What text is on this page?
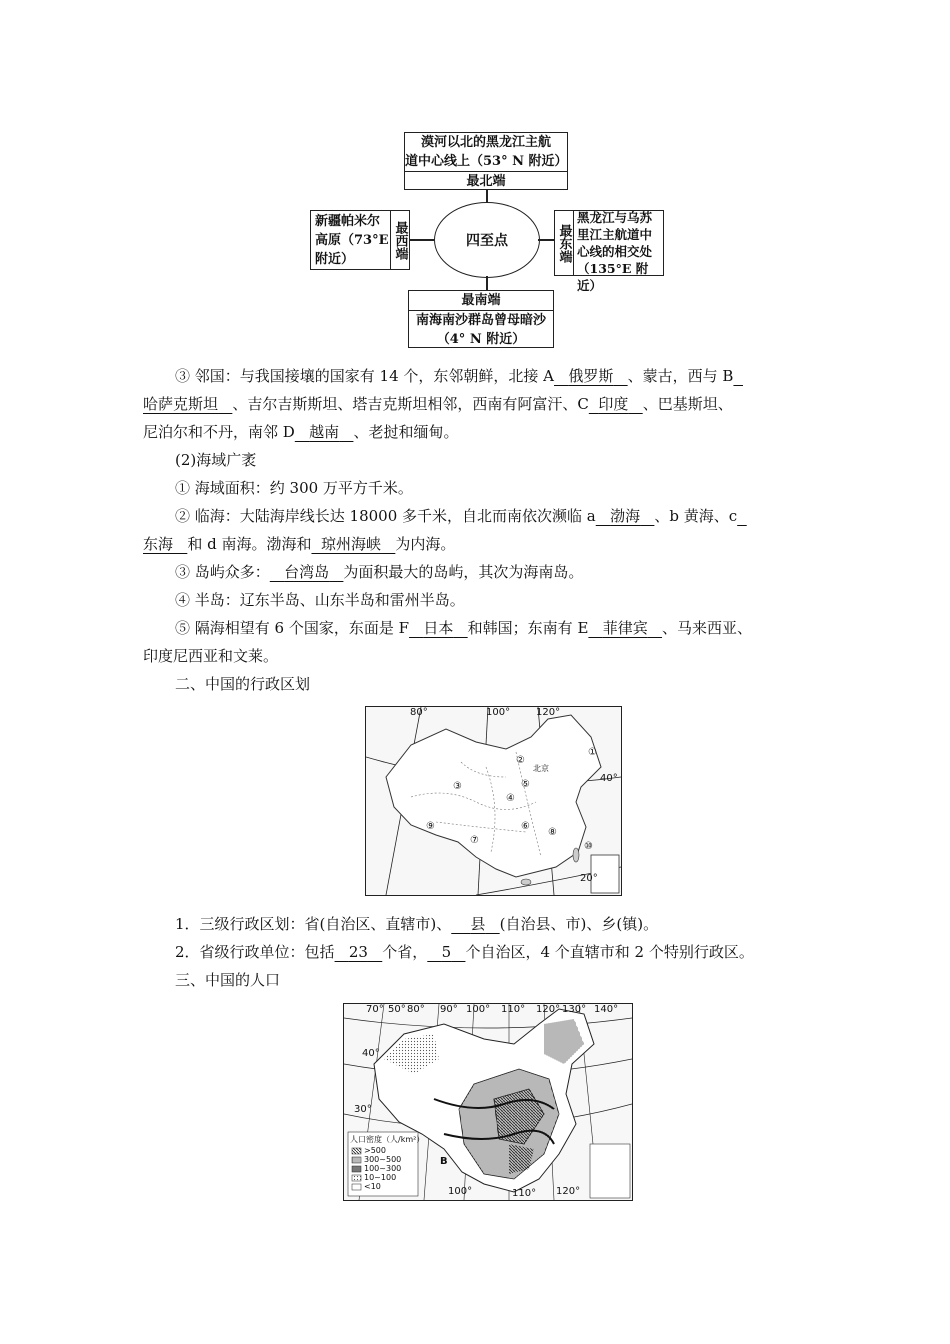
漠河以北的黑龙江主航
道中心线上（53° N 附近）
最北端
新疆帕米尔
高原（73°E
附近）	最西端	四至点	最东端
黑龙江与乌苏
里江主航道中
心线的相交处
（135°E 附近）
最南端
南海南沙群岛曾母暗沙
（4° N 附近）
③ 邻国：与我国接壤的国家有 14 个，东邻朝鲜，北接 A 俄罗斯 、蒙古，西与 B
哈萨克斯坦 、吉尔吉斯斯坦、塔吉克斯坦相邻，西南有阿富汗、C 印度 、巴基斯坦、
尼泊尔和不丹，南邻 D 越南 、老挝和缅甸。
(2)海域广袤
① 海域面积：约 300 万平方千米。
② 临海：大陆海岸线长达 18000 多千米，自北而南依次濒临 a 渤海 、b 黄海、c
东海 和 d 南海。渤海和 琼州海峡 为内海。
③ 岛屿众多： 台湾岛 为面积最大的岛屿，其次为海南岛。
④ 半岛：辽东半岛、山东半岛和雷州半岛。
⑤ 隔海相望有 6 个国家，东面是 F 日本 和韩国；东南有 E 菲律宾 、马来西亚、
印度尼西亚和文莱。
二、中国的行政区划
80°	100°	120°
40°
20°
北京
①
②
③
④
⑤
⑥
⑦
⑧
⑨
⑩
1．三级行政区划：省(自治区、直辖市)、 县 (自治县、市)、乡(镇)。
2．省级行政单位：包括 23 个省， 5 个自治区，4 个直辖市和 2 个特别行政区。
三、中国的人口
70° 50° 80° 90° 100° 110° 120° 130° 140°
40°
30°
100°	110° 120°
B
人口密度（人/km²）
>500
300~500
100~300
10~100
<10
